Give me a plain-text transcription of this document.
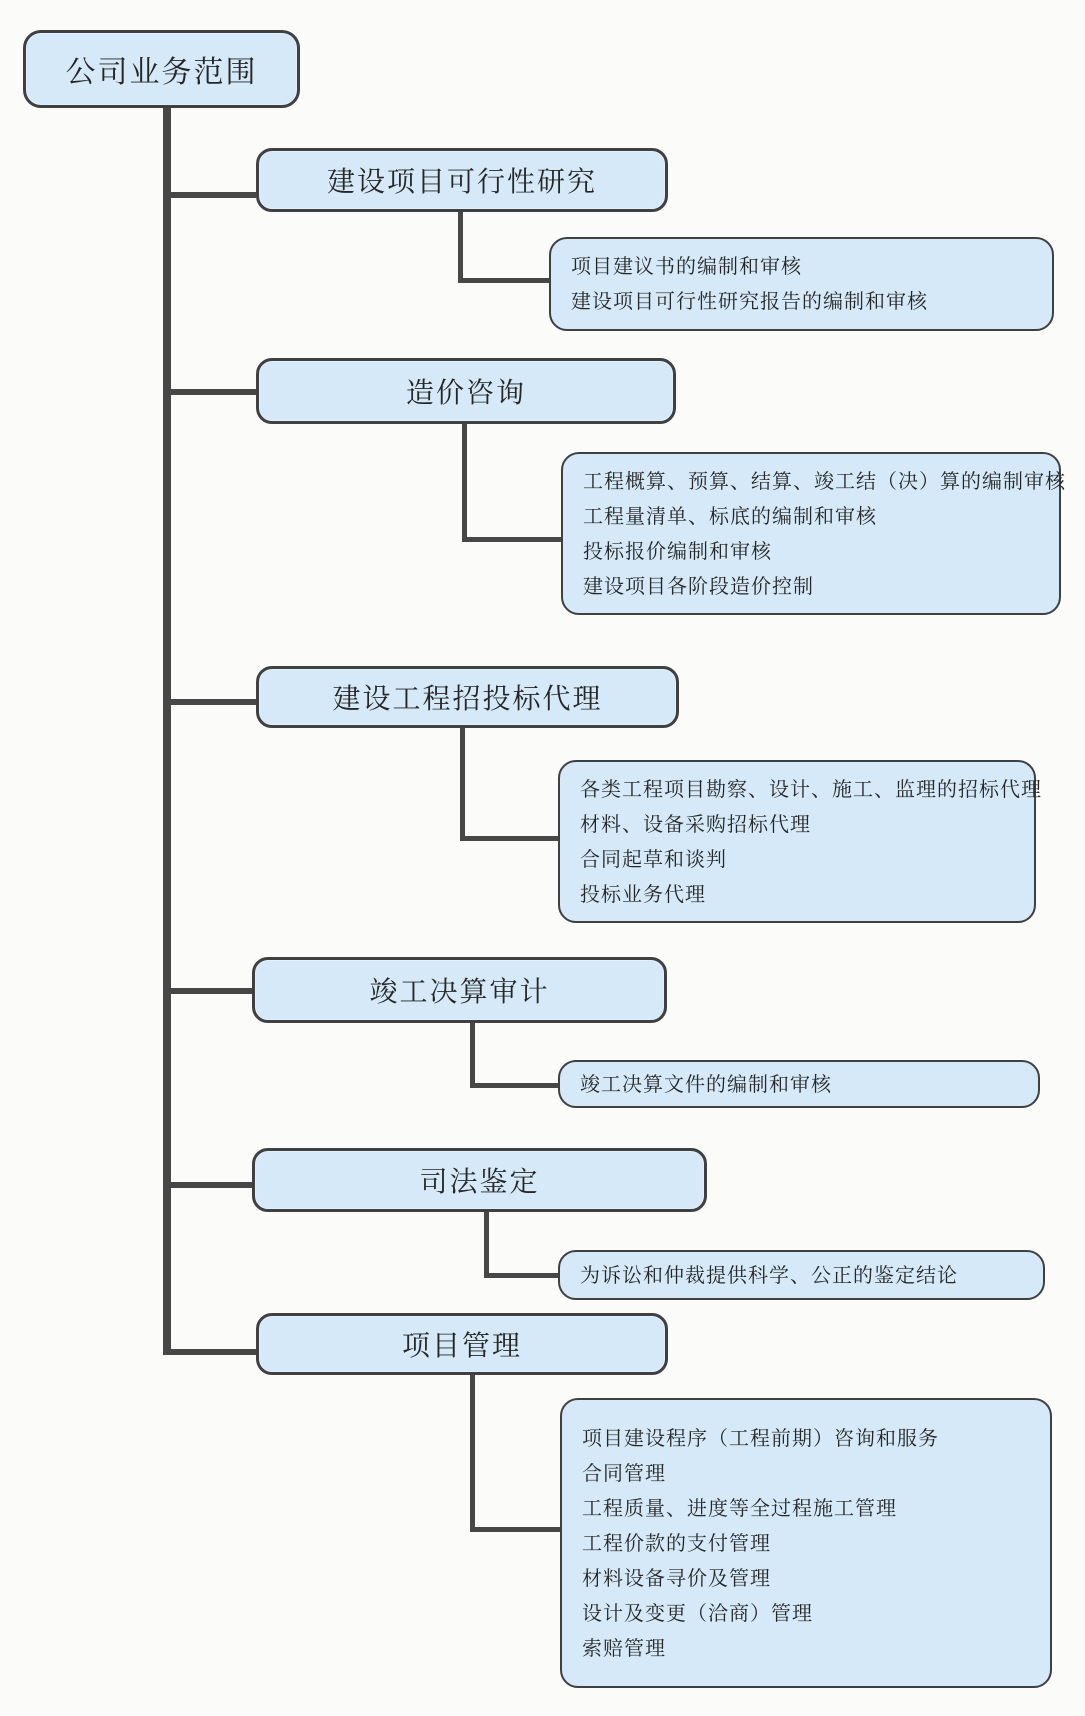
公司业务范围
建设项目可行性研究
项目建议书的编制和审核
建设项目可行性研究报告的编制和审核
造价咨询
工程概算、预算、结算、竣工结（决）算的编制审核
工程量清单、标底的编制和审核
投标报价编制和审核
建设项目各阶段造价控制
建设工程招投标代理
各类工程项目勘察、设计、施工、监理的招标代理
材料、设备采购招标代理
合同起草和谈判
投标业务代理
竣工决算审计
竣工决算文件的编制和审核
司法鉴定
为诉讼和仲裁提供科学、公正的鉴定结论
项目管理
项目建设程序（工程前期）咨询和服务
合同管理
工程质量、进度等全过程施工管理
工程价款的支付管理
材料设备寻价及管理
设计及变更（洽商）管理
索赔管理
